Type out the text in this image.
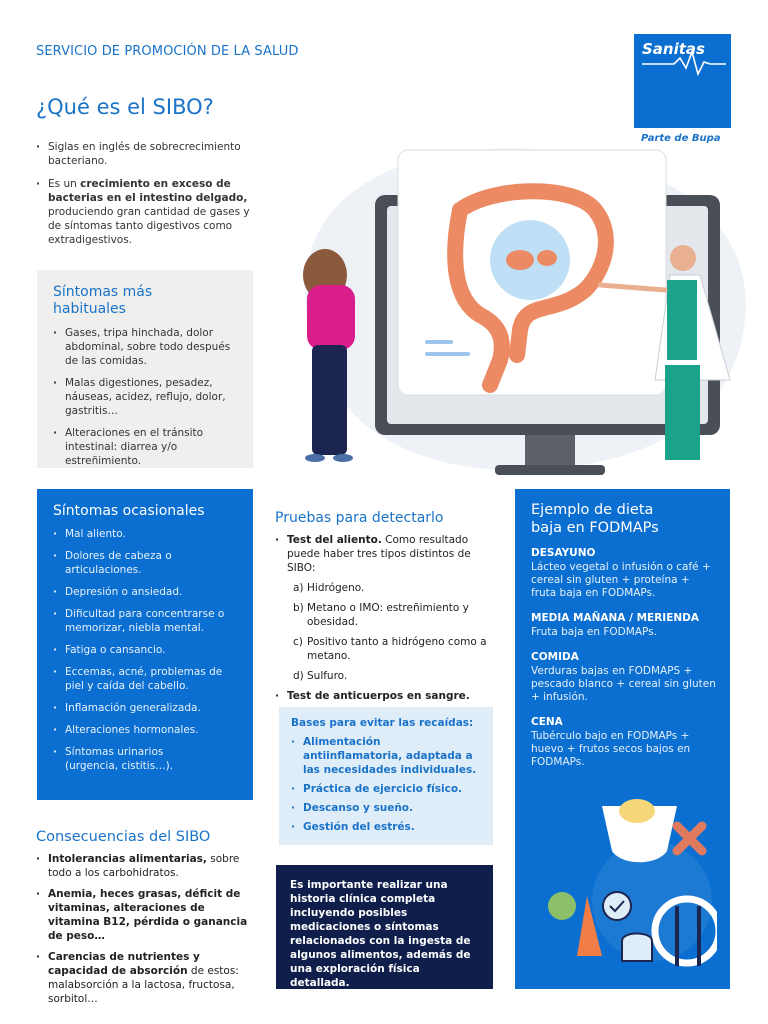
SERVICIO DE PROMOCIÓN DE LA SALUD
¿Qué es el SIBO?
Sanitas
Parte de Bupa
· Siglas en inglés de sobrecrecimiento bacteriano.
· Es un crecimiento en exceso de bacterias en el intestino delgado, produciendo gran cantidad de gases y de síntomas tanto digestivos como extradigestivos.
Síntomas más habituales
· Gases, tripa hinchada, dolor abdominal, sobre todo después de las comidas.
· Malas digestiones, pesadez, náuseas, acidez, reflujo, dolor, gastritis…
· Alteraciones en el tránsito intestinal: diarrea y/o estreñimiento.
Síntomas ocasionales
· Mal aliento.
· Dolores de cabeza o articulaciones.
· Depresión o ansiedad.
· Dificultad para concentrarse o memorizar, niebla mental.
· Fatiga o cansancio.
· Eccemas, acné, problemas de piel y caída del cabello.
· Inflamación generalizada.
· Alteraciones hormonales.
· Síntomas urinarios (urgencia, cistitis…).
Consecuencias del SIBO
· Intolerancias alimentarias, sobre todo a los carbohidratos.
· Anemia, heces grasas, déficit de vitaminas, alteraciones de vitamina B12, pérdida o ganancia de peso…
· Carencias de nutrientes y capacidad de absorción de estos: malabsorción a la lactosa, fructosa, sorbitol…
Pruebas para detectarlo
· Test del aliento. Como resultado puede haber tres tipos distintos de SIBO:
a) Hidrógeno.
b) Metano o IMO: estreñimiento y obesidad.
c) Positivo tanto a hidrógeno como a metano.
d) Sulfuro.
· Test de anticuerpos en sangre.
Bases para evitar las recaídas:
· Alimentación antiinflamatoria, adaptada a las necesidades individuales.
· Práctica de ejercicio físico.
· Descanso y sueño.
· Gestión del estrés.
Es importante realizar una historia clínica completa incluyendo posibles medicaciones o síntomas relacionados con la ingesta de algunos alimentos, además de una exploración física detallada.
Ejemplo de dieta baja en FODMAPs
DESAYUNO
Lácteo vegetal o infusión o café + cereal sin gluten + proteína + fruta baja en FODMAPs.
MEDIA MAÑANA / MERIENDA
Fruta baja en FODMAPs.
COMIDA
Verduras bajas en FODMAPS + pescado blanco + cereal sin gluten + infusión.
CENA
Tubérculo bajo en FODMAPs + huevo + frutos secos bajos en FODMAPs.
